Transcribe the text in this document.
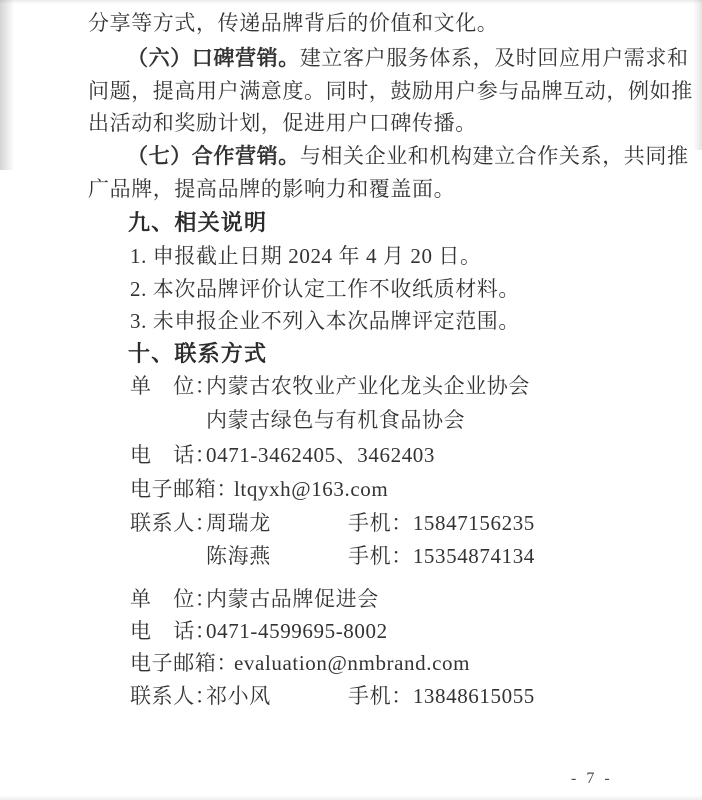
分享等方式，传递品牌背后的价值和文化。
（六）口碑营销。建立客户服务体系，及时回应用户需求和
问题，提高用户满意度。同时，鼓励用户参与品牌互动，例如推
出活动和奖励计划，促进用户口碑传播。
（七）合作营销。与相关企业和机构建立合作关系，共同推
广品牌，提高品牌的影响力和覆盖面。
九、相关说明
1. 申报截止日期 2024 年 4 月 20 日。
2. 本次品牌评价认定工作不收纸质材料。
3. 未申报企业不列入本次品牌评定范围。
十、联系方式
单　位：
内蒙古农牧业产业化龙头企业协会
内蒙古绿色与有机食品协会
电　话：
0471-3462405、3462403
电子邮箱：
ltqyxh@163.com
联系人：
周瑞龙	手机：15847156235
陈海燕	手机：15354874134
单　位：
内蒙古品牌促进会
电　话：
0471-4599695-8002
电子邮箱：
evaluation@nmbrand.com
联系人：
祁小风	手机：13848615055
- 7 -
